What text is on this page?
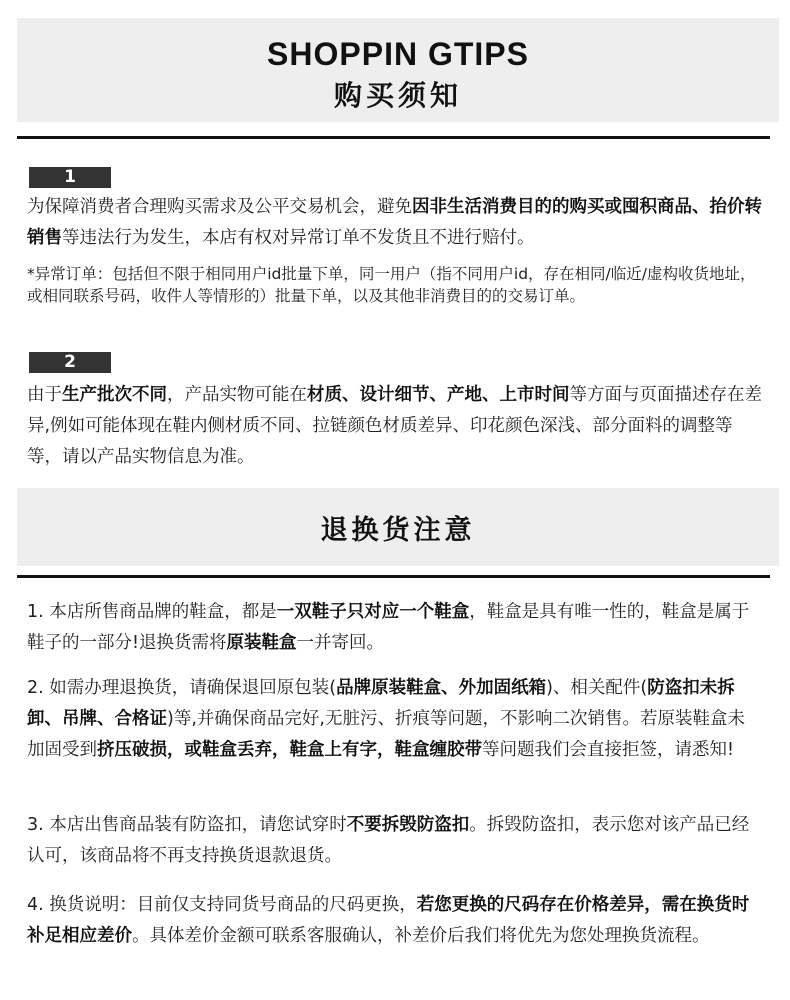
SHOPPIN GTIPS
购买须知
1

为保障消费者合理购买需求及公平交易机会，避免因非生活消费目的的购买或囤积商品、抬价转销售等违法行为发生，本店有权对异常订单不发货且不进行赔付。

*异常订单：包括但不限于相同用户id批量下单，同一用户（指不同用户id，存在相同/临近/虚构收货地址，或相同联系号码，收件人等情形的）批量下单，以及其他非消费目的的交易订单。

2

由于生产批次不同，产品实物可能在材质、设计细节、产地、上市时间等方面与页面描述存在差异,例如可能体现在鞋内侧材质不同、拉链颜色材质差异、印花颜色深浅、部分面料的调整等等，请以产品实物信息为准。

退换货注意

1. 本店所售商品牌的鞋盒，都是一双鞋子只对应一个鞋盒，鞋盒是具有唯一性的，鞋盒是属于鞋子的一部分!退换货需将原装鞋盒一并寄回。

2. 如需办理退换货，请确保退回原包装(品牌原装鞋盒、外加固纸箱)、相关配件(防盗扣未拆卸、吊牌、合格证)等,并确保商品完好,无脏污、折痕等问题，不影响二次销售。若原装鞋盒未加固受到挤压破损，或鞋盒丢弃，鞋盒上有字，鞋盒缠胶带等问题我们会直接拒签，请悉知!

3. 本店出售商品装有防盗扣，请您试穿时不要拆毁防盗扣。拆毁防盗扣，表示您对该产品已经认可，该商品将不再支持换货退款退货。

4. 换货说明：目前仅支持同货号商品的尺码更换，若您更换的尺码存在价格差异，需在换货时补足相应差价。具体差价金额可联系客服确认，补差价后我们将优先为您处理换货流程。
